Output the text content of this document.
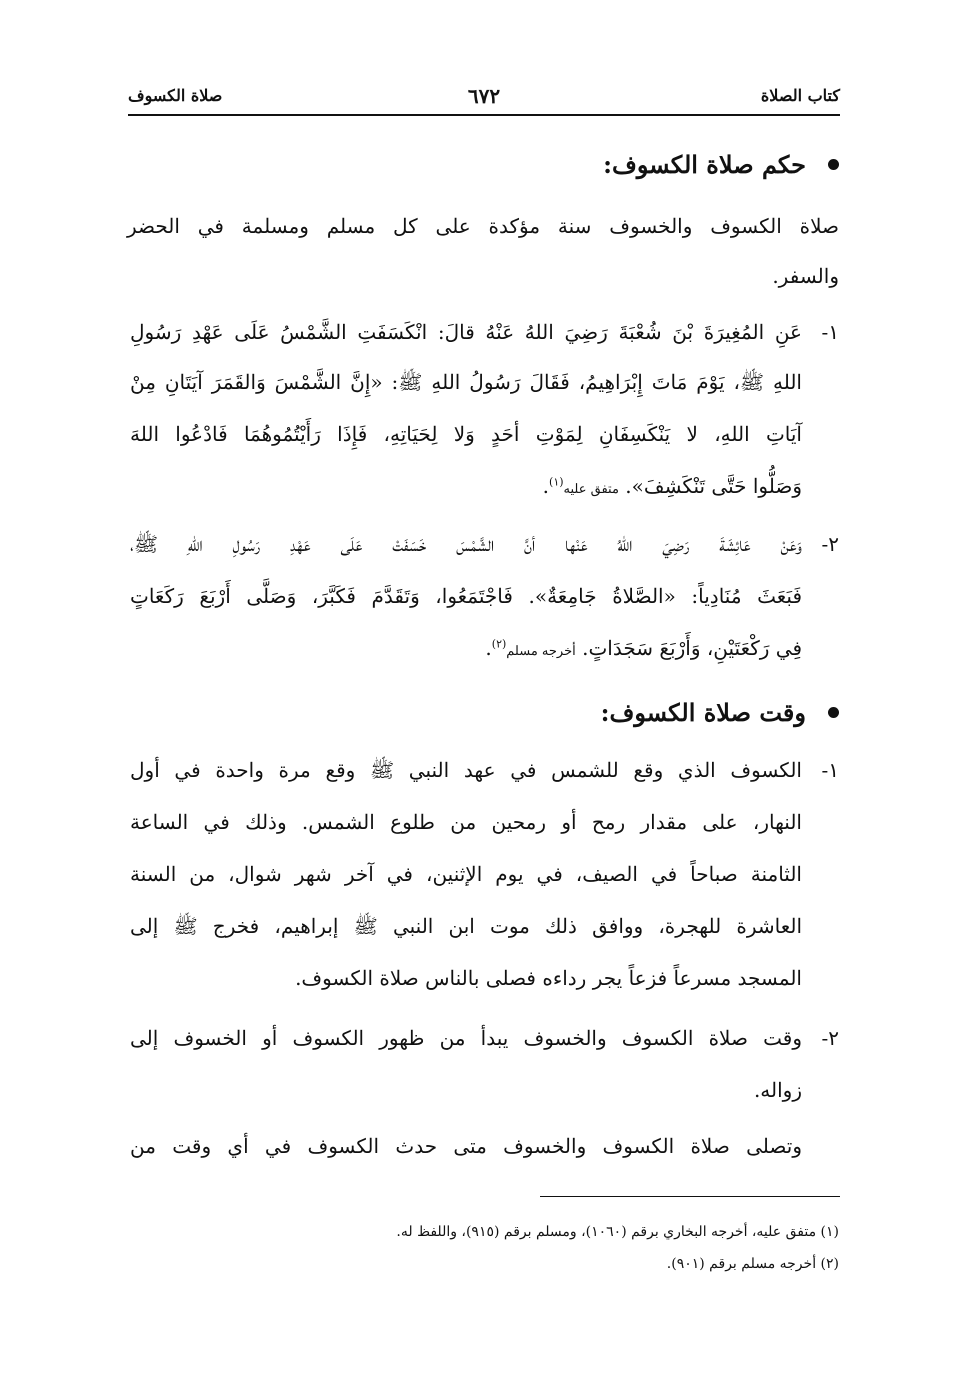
كتاب الصلاة
٦٧٢
صلاة الكسوف
حكم صلاة الكسوف:
صلاة الكسوف والخسوف سنة مؤكدة على كل مسلم ومسلمة في الحضر
والسفر.
١-
عَنِ المُغِيرَةَ بْنَ شُعْبَةَ رَضِيَ اللهُ عَنْهُ قالَ: انْكَسَفَتِ الشَّمْسُ عَلَى عَهْدِ رَسُولِ
اللهِ ﷺ، يَوْمَ مَاتَ إِبْرَاهِيمُ، فَقَالَ رَسُولُ اللهِ ﷺ: «إِنَّ الشَّمْسَ وَالقَمَرَ آيَتَانِ مِنْ
آيَاتِ اللهِ، لا يَنْكَسِفَانِ لِمَوْتِ أحَدٍ وَلا لِحَيَاتِهِ، فَإِذَا رَأَيْتُمُوهُمَا فَادْعُوا اللهَ
وَصَلُّوا حَتَّى تَنْكَشِفَ». متفق عليه$^{(١)}$.
٢-
وَعَنْ عَائِشَةَ رَضِيَ اللهُ عَنْها أنَّ الشَّمْسَ خَسَفَتْ عَلَى عَهْدِ رَسُولِ اللهِ ﷺ،
فَبَعَثَ مُنَادِياً: «الصَّلاةُ جَامِعَةٌ». فَاجْتَمَعُوا، وَتَقَدَّمَ فَكَبَّرَ، وَصَلَّى أَرْبَعَ رَكَعَاتٍ
فِي رَكْعَتَيْنِ، وَأَرْبَعَ سَجَدَاتٍ. أخرجه مسلم$^{(٢)}$.
وقت صلاة الكسوف:
١-
الكسوف الذي وقع للشمس في عهد النبي ﷺ وقع مرة واحدة في أول
النهار، على مقدار رمح أو رمحين من طلوع الشمس. وذلك في الساعة
الثامنة صباحاً في الصيف، في يوم الإثنين، في آخر شهر شوال، من السنة
العاشرة للهجرة، ووافق ذلك موت ابن النبي ﷺ إبراهيم، فخرج ﷺ إلى
المسجد مسرعاً فزعاً يجر رداءه فصلى بالناس صلاة الكسوف.
٢-
وقت صلاة الكسوف والخسوف يبدأ من ظهور الكسوف أو الخسوف إلى
زواله.
وتصلى صلاة الكسوف والخسوف متى حدث الكسوف في أي وقت من
(١) متفق عليه، أخرجه البخاري برقم (١٠٦٠)، ومسلم برقم (٩١٥)، واللفظ له.
(٢) أخرجه مسلم برقم (٩٠١).
